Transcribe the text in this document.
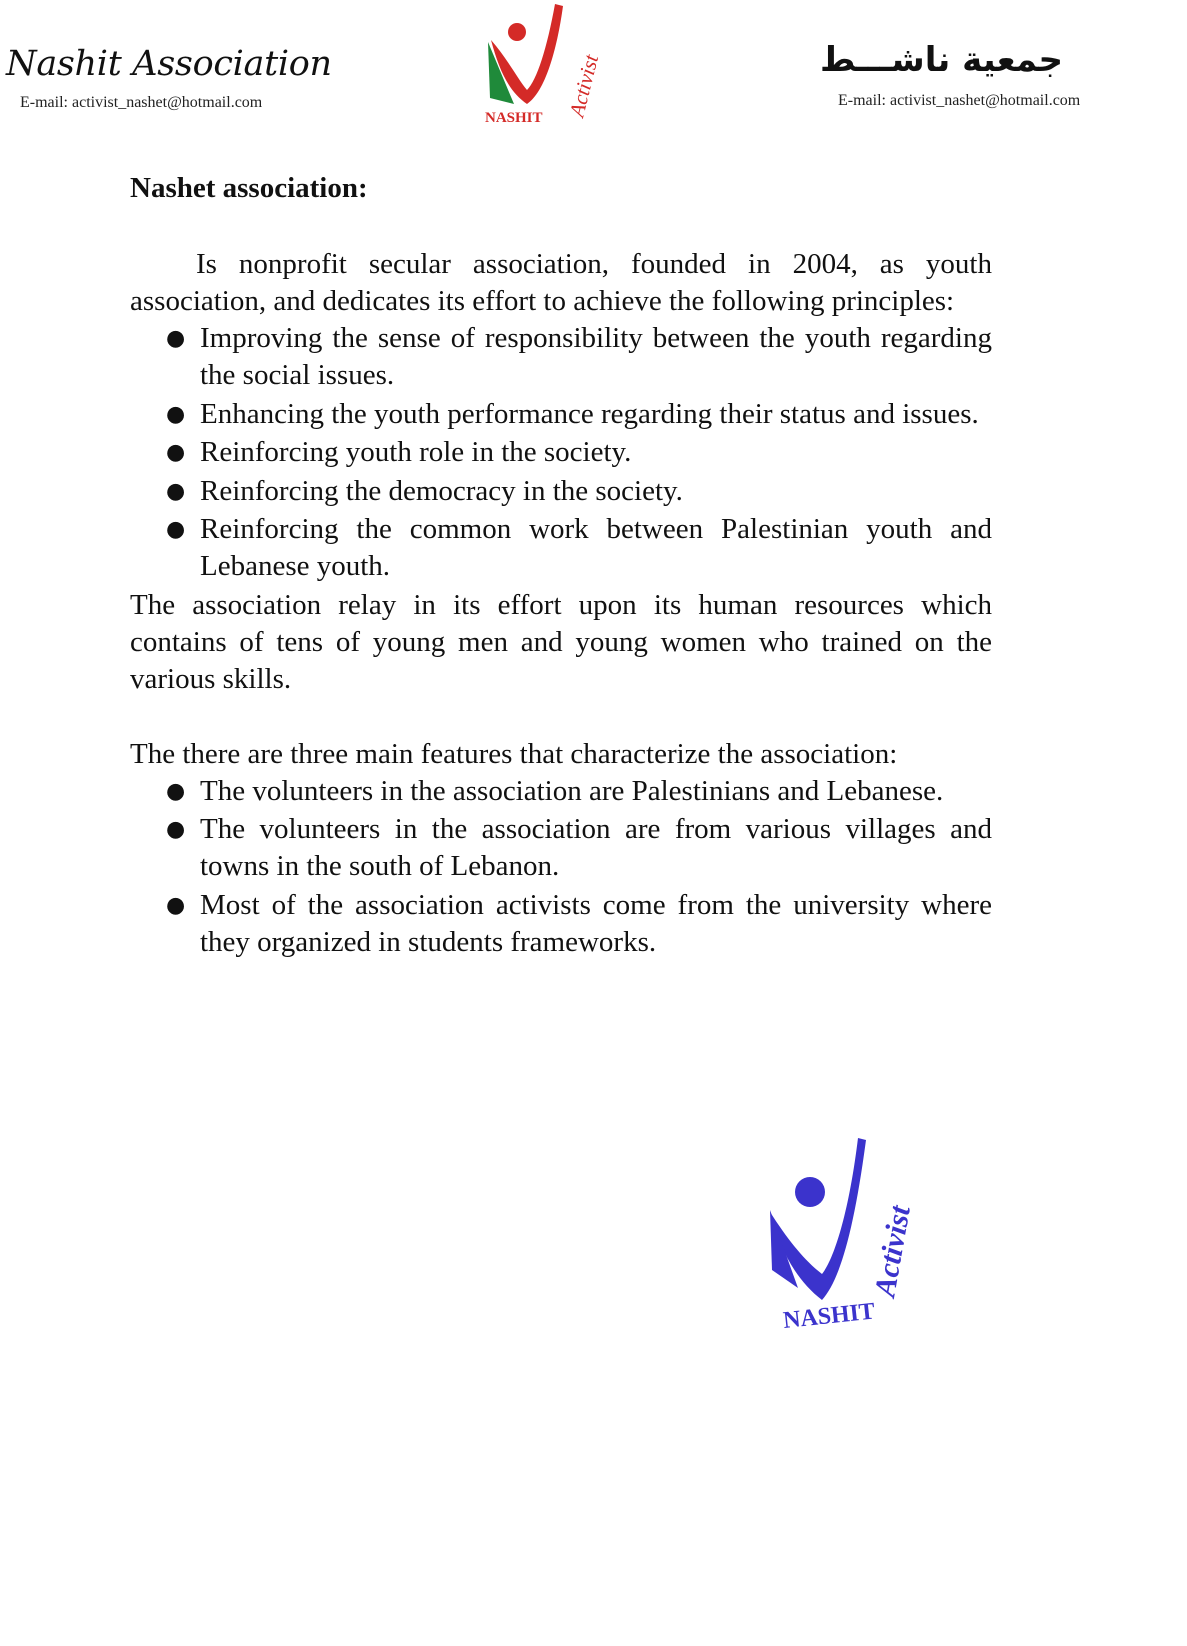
Nashit Association
E-mail: activist_nashet@hotmail.com	Activist
NASHIT
جمعية ناشـــط
E-mail: activist_nashet@hotmail.com

Nashet association:

Is nonprofit secular association, founded in 2004, as youth association, and dedicates its effort to achieve the following principles:

● Improving the sense of responsibility between the youth regarding the social issues.
● Enhancing the youth performance regarding their status and issues.
● Reinforcing youth role in the society.
● Reinforcing the democracy in the society.
● Reinforcing the common work between Palestinian youth and Lebanese youth.

The association relay in its effort upon its human resources which contains of tens of young men and young women who trained on the various skills.

The there are three main features that characterize the association:

● The volunteers in the association are Palestinians and Lebanese.
● The volunteers in the association are from various villages and towns in the south of Lebanon.
● Most of the association activists come from the university where they organized in students frameworks.
Activist
NASHIT
